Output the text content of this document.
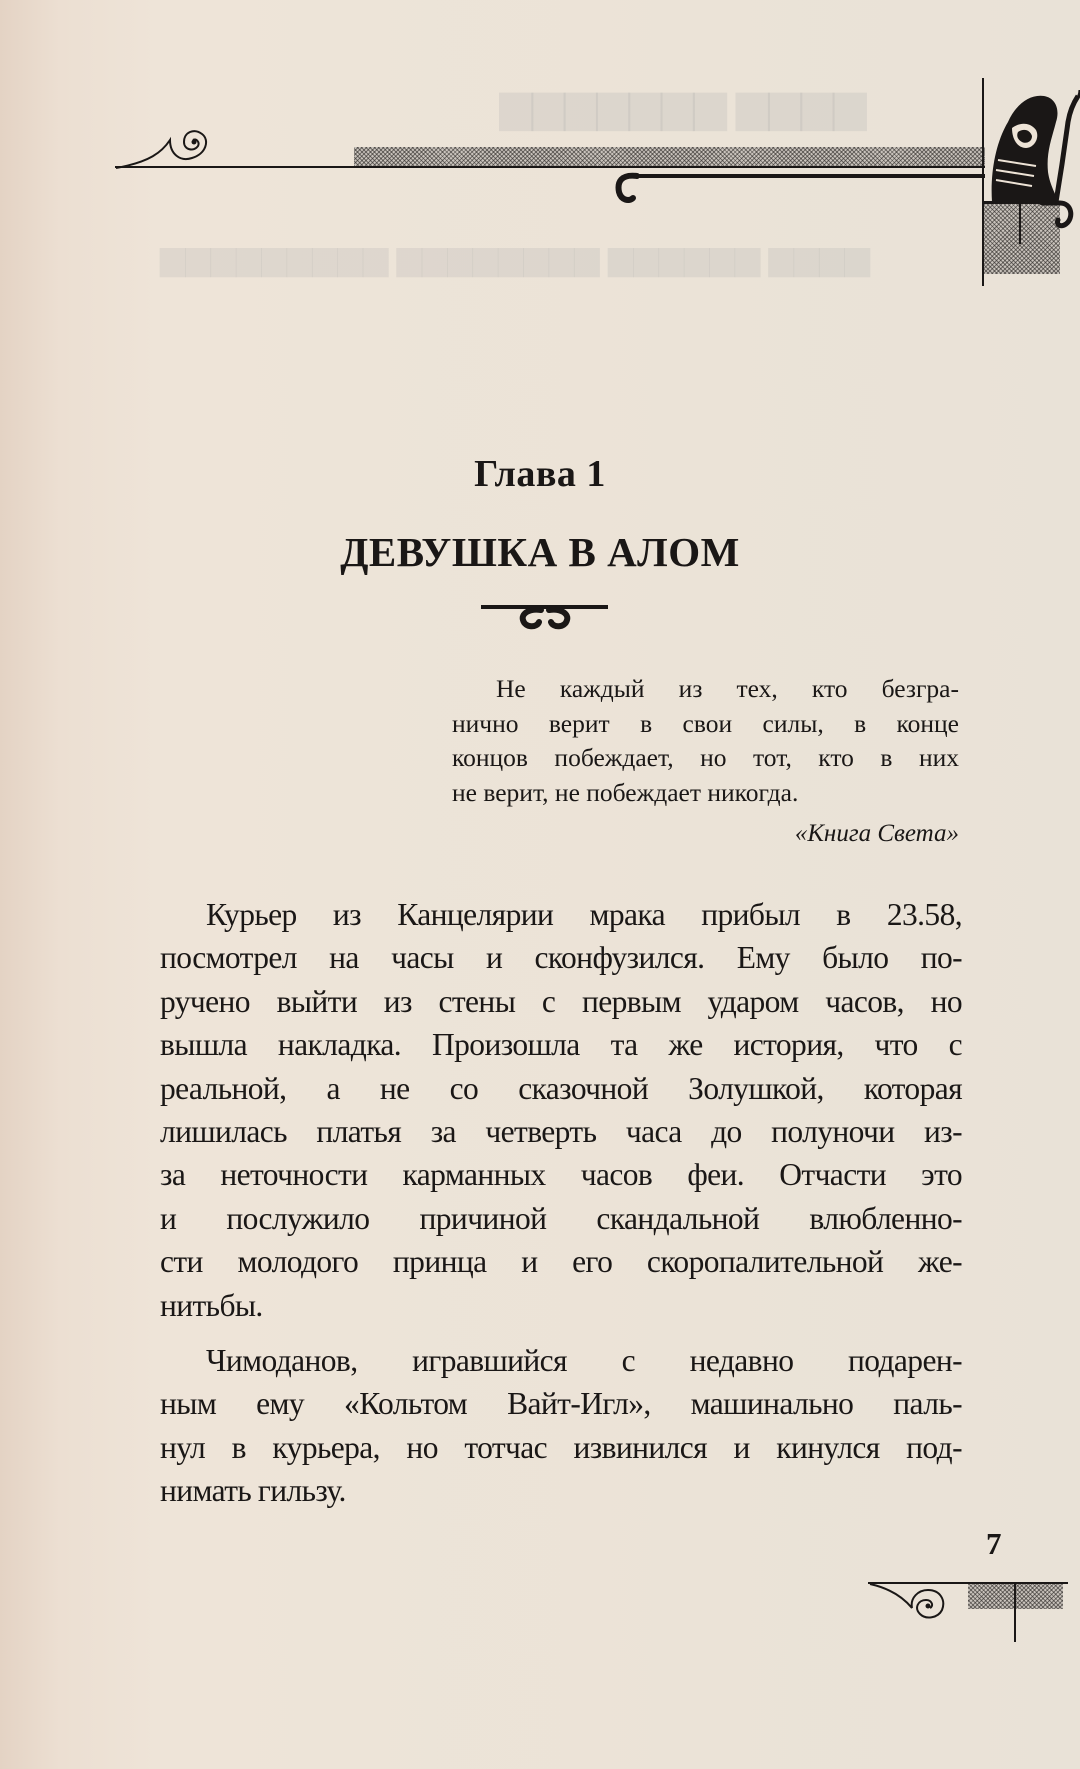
​▆▆▆▆ ▆▆▆▆▆▆▆
▆▆▆▆ ▆▆▆▆▆▆ ▆▆▆▆▆▆▆▆ ▆▆▆▆▆▆▆▆▆
Глава 1
ДЕВУШКА В АЛОМ

Не каждый из тех, кто безгра-

нично верит в свои силы, в конце

концов побеждает, но тот, кто в них

не верит, не побеждает никогда.

«Книга Света»
Курьер из Канцелярии мрака прибыл в 23.58,
посмотрел на часы и сконфузился. Ему было по-
ручено выйти из стены с первым ударом часов, но
вышла накладка. Произошла та же история, что с
реальной, а не со сказочной Золушкой, которая
лишилась платья за четверть часа до полуночи из-
за неточности карманных часов феи. Отчасти это
и послужило причиной скандальной влюбленно-
сти молодого принца и его скоропалительной же-
нитьбы.
Чимоданов, игравшийся с недавно подарен-
ным ему «Кольтом Вайт-Игл», машинально паль-
нул в курьера, но тотчас извинился и кинулся под-
нимать гильзу.
7
